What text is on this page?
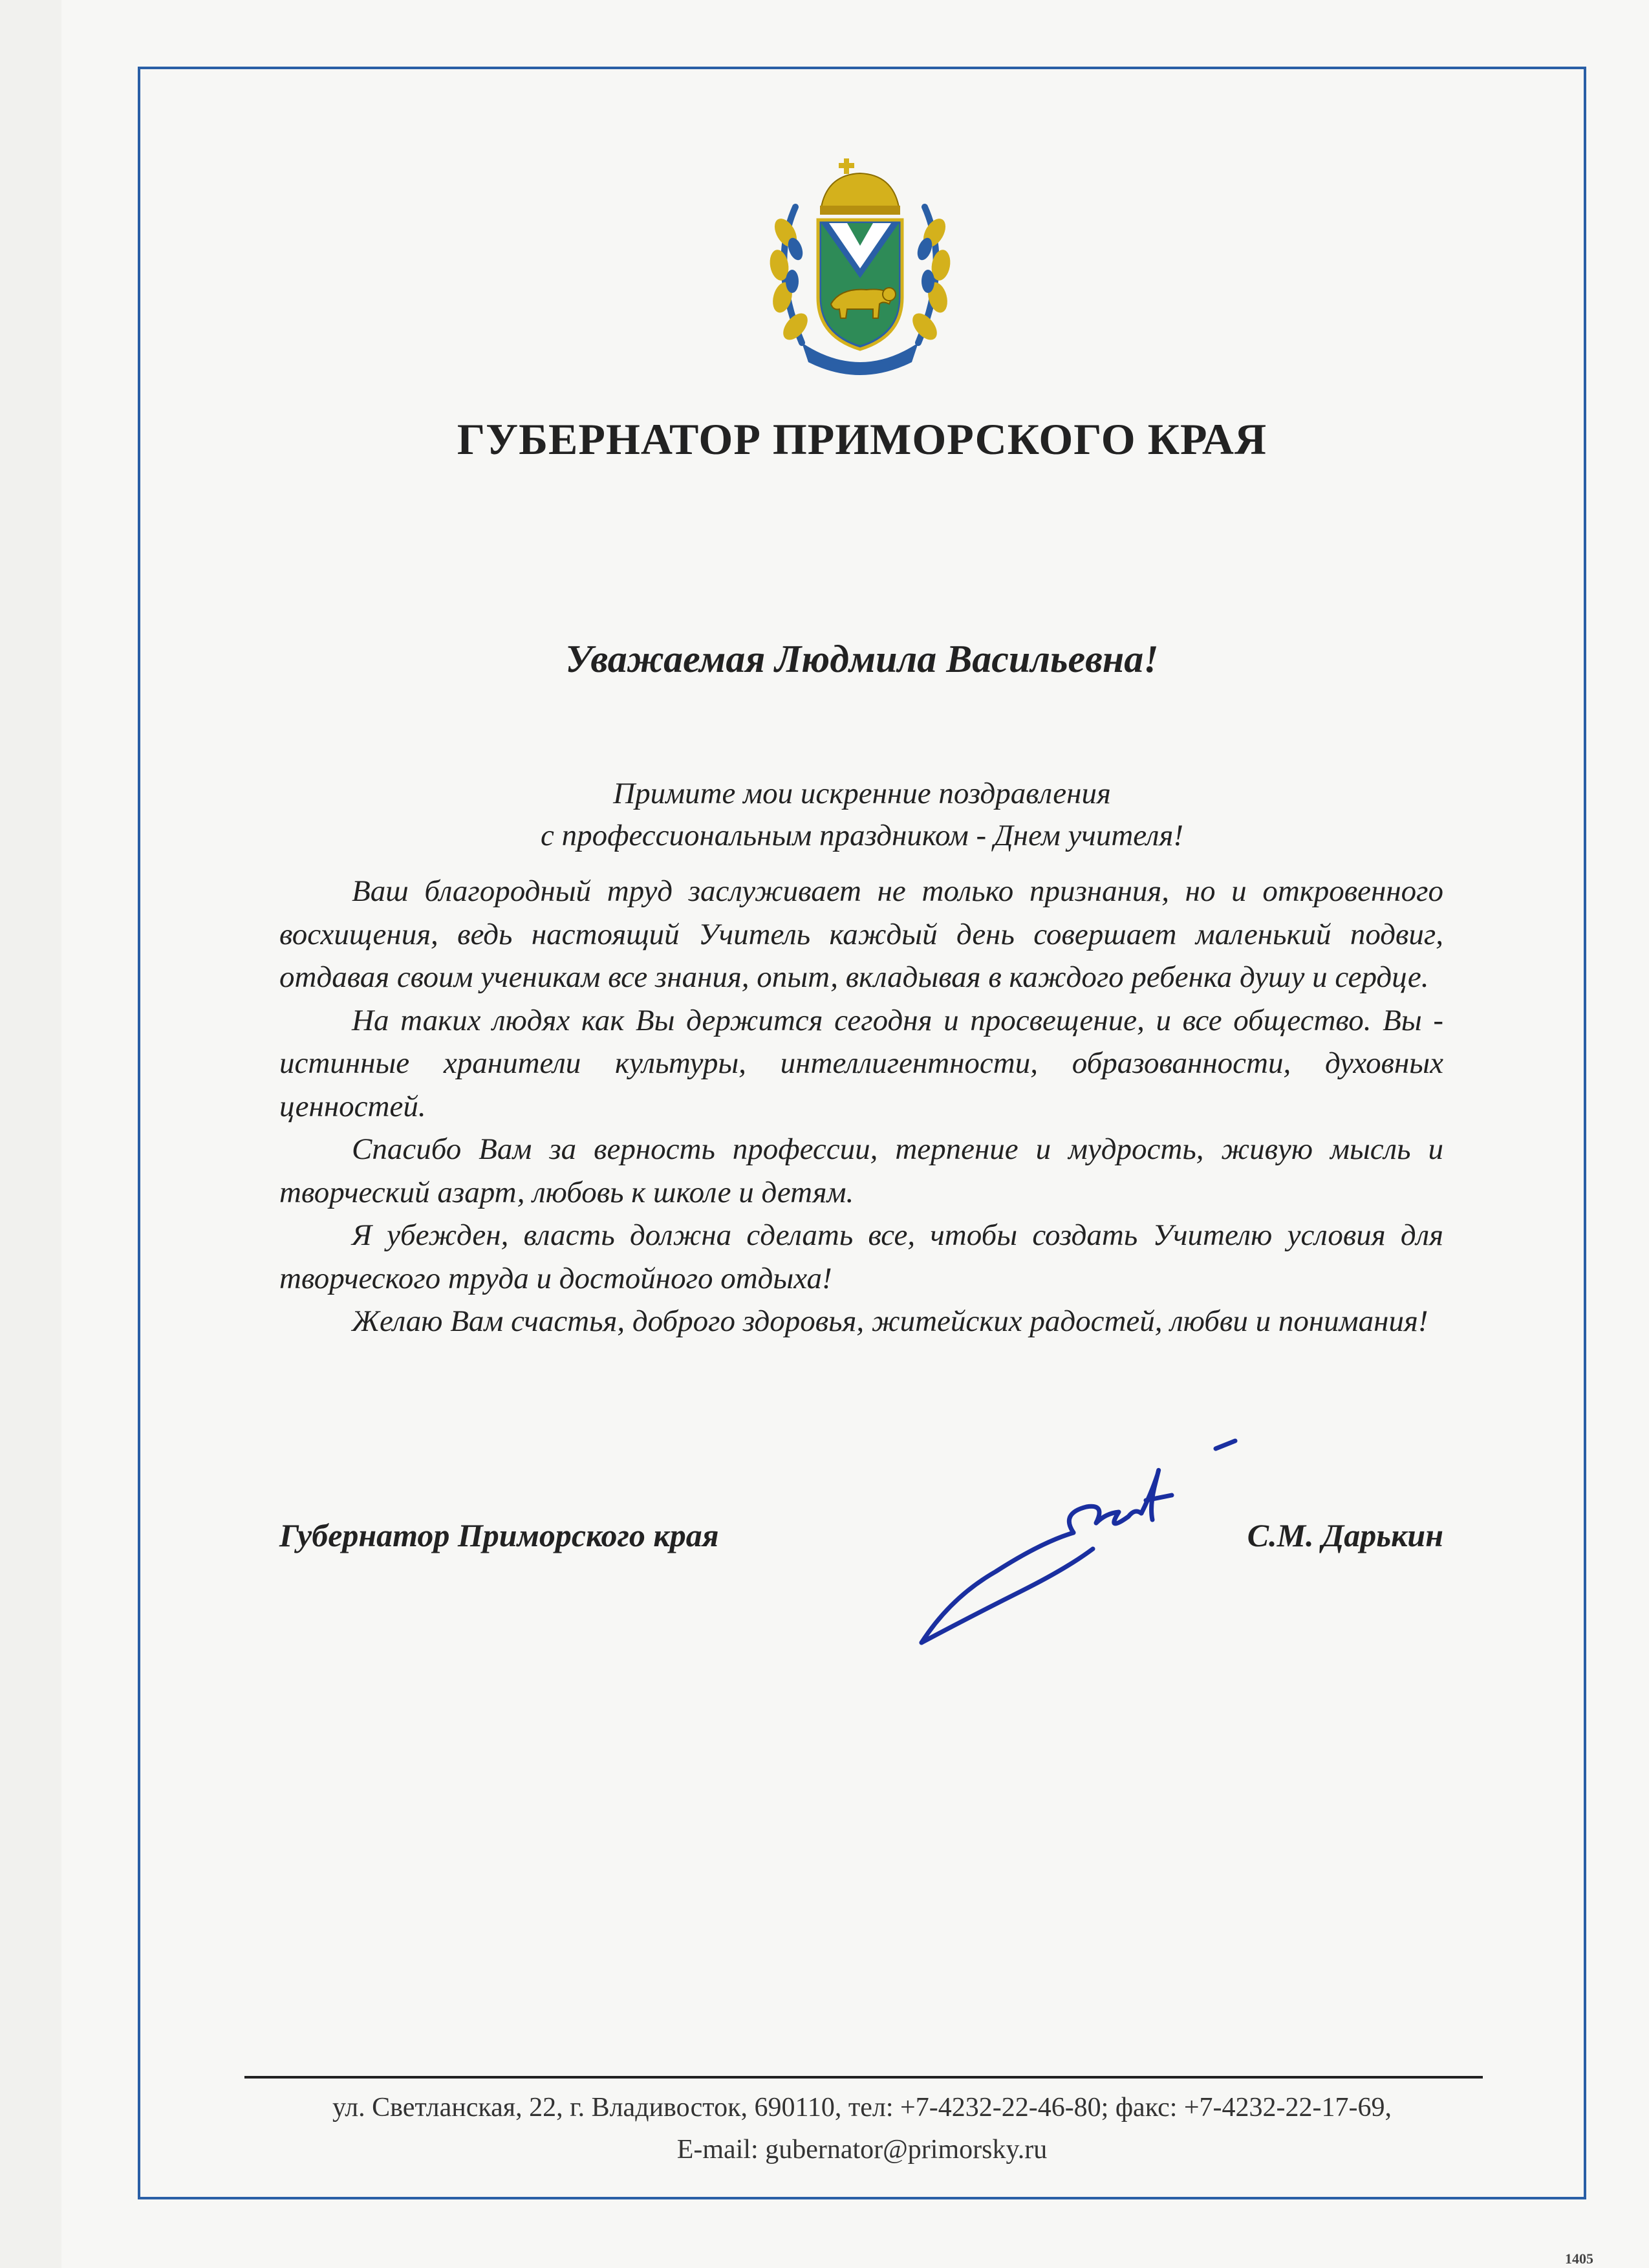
ГУБЕРНАТОР ПРИМОРСКОГО КРАЯ
Уважаемая Людмила Васильевна!
Примите мои искренние поздравления
с профессиональным праздником - Днем учителя!

Ваш благородный труд заслуживает не только признания, но и откровенного восхищения, ведь настоящий Учитель каждый день совершает маленький подвиг, отдавая своим ученикам все знания, опыт, вкладывая в каждого ребенка душу и сердце.

На таких людях как Вы держится сегодня и просвещение, и все общество. Вы - истинные хранители культуры, интеллигентности, образованности, духовных ценностей.

Спасибо Вам за верность профессии, терпение и мудрость, живую мысль и творческий азарт, любовь к школе и детям.

Я убежден, власть должна сделать все, чтобы создать Учителю условия для творческого труда и достойного отдыха!

Желаю Вам счастья, доброго здоровья, житейских радостей, любви и понимания!

Губернатор Приморского края	С.М. Дарькин
ул. Светланская, 22, г. Владивосток, 690110, тел: +7-4232-22-46-80; факс: +7-4232-22-17-69,
E-mail: gubernator@primorsky.ru
1405
